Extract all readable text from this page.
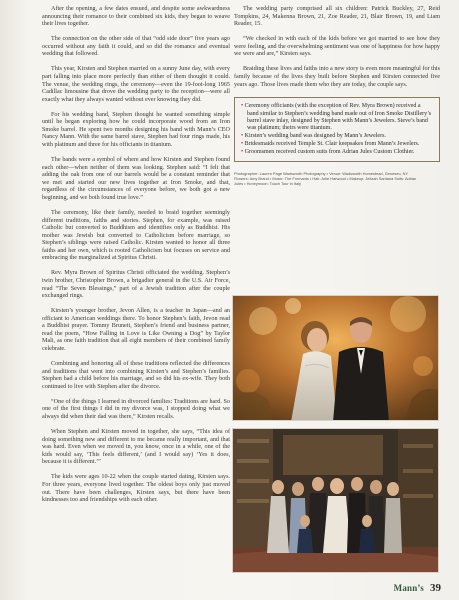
After the opening, a few dates ensued, and despite some awkwardness announcing their romance to their combined six kids, they began to weave their lives together.

The connection on the other side of that “odd side door” five years ago occurred without any faith it could, and so did the romance and eventual wedding that followed.

This year, Kirsten and Stephen married on a sunny June day, with every part falling into place more perfectly than either of them thought it could. The venue, the wedding rings, the ceremony—even the 19-foot-long 1965 Cadillac limousine that drove the wedding party to the reception—were all exactly what they always wanted without ever knowing they did.

For his wedding band, Stephen thought he wanted something simple until he began exploring how he could incorporate wood from an Iron Smoke barrel. He spent two months designing his band with Mann’s CEO Nancy Mann. With the same barrel stave, Stephen had four rings made, his with platinum and three for his officiants in titanium.

The bands were a symbol of where and how Kirsten and Stephen found each other—when neither of them was looking. Stephen said: “I felt that adding the oak from one of our barrels would be a constant reminder that we met and started our new lives together at Iron Smoke, and that, regardless of the circumstances of everyone before, we both got a new beginning, and we both found true love.”

The ceremony, like their family, needed to braid together seemingly different traditions, faiths and stories. Stephen, for example, was raised Catholic but converted to Buddhism and identifies only as Buddhist. His mother was Jewish but converted to Catholicism before marriage, so Stephen’s siblings were raised Catholic. Kirsten wanted to honor all three faiths and her own, which is rooted Catholicism but focuses on service and embracing the marginalized at Spiritus Christi.

Rev. Myra Brown of Spiritus Christi officiated the wedding. Stephen’s twin brother, Christopher Brown, a brigadier general in the U.S. Air Force, read “The Seven Blessings,” part of a Jewish tradition after the couple exchanged rings.

Kirsten’s younger brother, Jevon Allen, is a teacher in Japan—and an officiant to American weddings there. To honor Stephen’s faith, Jevon read a Buddhist prayer. Tommy Brunett, Stephen’s friend and business partner, read the poem, “How Falling in Love is Like Owning a Dog” by Taylor Mali, as one faith tradition that all eight members of their combined family celebrate.

Combining and honoring all of these traditions reflected the differences and traditions that went into combining Kirsten’s and Stephen’s families. Stephen had a child before his marriage, and so did his ex-wife. They both continued to live with Stephen after the divorce.

“One of the things I learned in divorced families: Traditions are hard. So one of the first things I did in my divorce was, I stopped doing what we always did when their dad was there,” Kirsten recalls.

When Stephen and Kirsten moved in together, she says, “This idea of doing something new and different to me became really important, and that was hard. Even when we moved in, you know, once in a while, one of the kids would say, ‘This feels different,’ (and I would say) ‘Yes it does, because it is different.’”

The kids were ages 10-22 when the couple started dating, Kirsten says. For three years, everyone lived together. The oldest boys only just moved out. There have been challenges, Kirsten says, but there have been kindnesses too and friendships with each other.

The wedding party comprised all six children: Patrick Buckley, 27, Reid Tompkins, 24, Makenna Brown, 21, Zoe Reader, 21, Blair Brown, 19, and Liam Reader, 15.

“We checked in with each of the kids before we got married to see how they were feeling, and the overwhelming sentiment was one of happiness for how happy we were and are,” Kirsten says.

Braiding these lives and faiths into a new story is even more meaningful for this family because of the lives they built before Stephen and Kirsten connected five years ago. Those lives made them who they are today, the couple says.

• Ceremony officiants (with the exception of Rev. Myra Brown) received a band similar to Stephen’s wedding band made out of Iron Smoke Distillery’s barrel stave inlay, designed by Stephen with Mann’s Jewelers. Steve’s band was platinum; theirs were titanium.
• Kirsten’s wedding band was designed by Mann’s Jewelers.
• Bridesmaids received Temple St. Clair keepsakes from Mann’s Jewelers.
• Groomsmen received custom suits from Adrian Jules Custom Clothier.
Photographer: Lauren Page Wadsworth Photography • Venue: Wadsworth Homestead, Geneseo, NY Flowers: Amy Brand • Music: The Formants • Hair: Arlie Harwood • Makeup: Jeitzah Santana Suits: Adrian Jules • Honeymoon: Touch Tour in Italy
Mann’s 39
